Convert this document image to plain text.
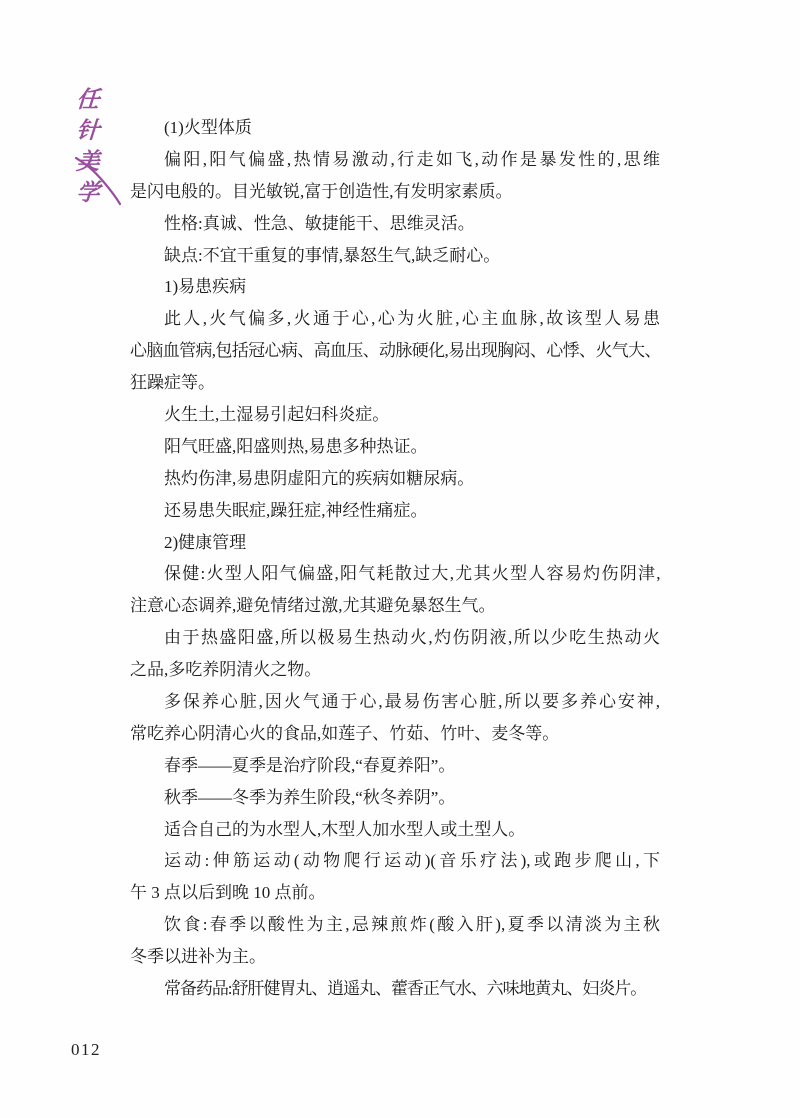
任
针
美
学
(1)火型体质
偏阳,阳气偏盛,热情易激动,行走如飞,动作是暴发性的,思维
是闪电般的。目光敏锐,富于创造性,有发明家素质。
性格:真诚、性急、敏捷能干、思维灵活。
缺点:不宜干重复的事情,暴怒生气,缺乏耐心。
1)易患疾病
此人,火气偏多,火通于心,心为火脏,心主血脉,故该型人易患
心脑血管病,包括冠心病、高血压、动脉硬化,易出现胸闷、心悸、火气大、
狂躁症等。
火生土,土湿易引起妇科炎症。
阳气旺盛,阳盛则热,易患多种热证。
热灼伤津,易患阴虚阳亢的疾病如糖尿病。
还易患失眠症,躁狂症,神经性痛症。
2)健康管理
保健:火型人阳气偏盛,阳气耗散过大,尤其火型人容易灼伤阴津,
注意心态调养,避免情绪过激,尤其避免暴怒生气。
由于热盛阳盛,所以极易生热动火,灼伤阴液,所以少吃生热动火
之品,多吃养阴清火之物。
多保养心脏,因火气通于心,最易伤害心脏,所以要多养心安神,
常吃养心阴清心火的食品,如莲子、竹茹、竹叶、麦冬等。
春季——夏季是治疗阶段,“春夏养阳”。
秋季——冬季为养生阶段,“秋冬养阴”。
适合自己的为水型人,木型人加水型人或土型人。
运动:伸筋运动(动物爬行运动)(音乐疗法),或跑步爬山,下
午 3 点以后到晚 10 点前。
饮食:春季以酸性为主,忌辣煎炸(酸入肝),夏季以清淡为主秋
冬季以进补为主。
常备药品:舒肝健胃丸、逍遥丸、藿香正气水、六味地黄丸、妇炎片。
012
